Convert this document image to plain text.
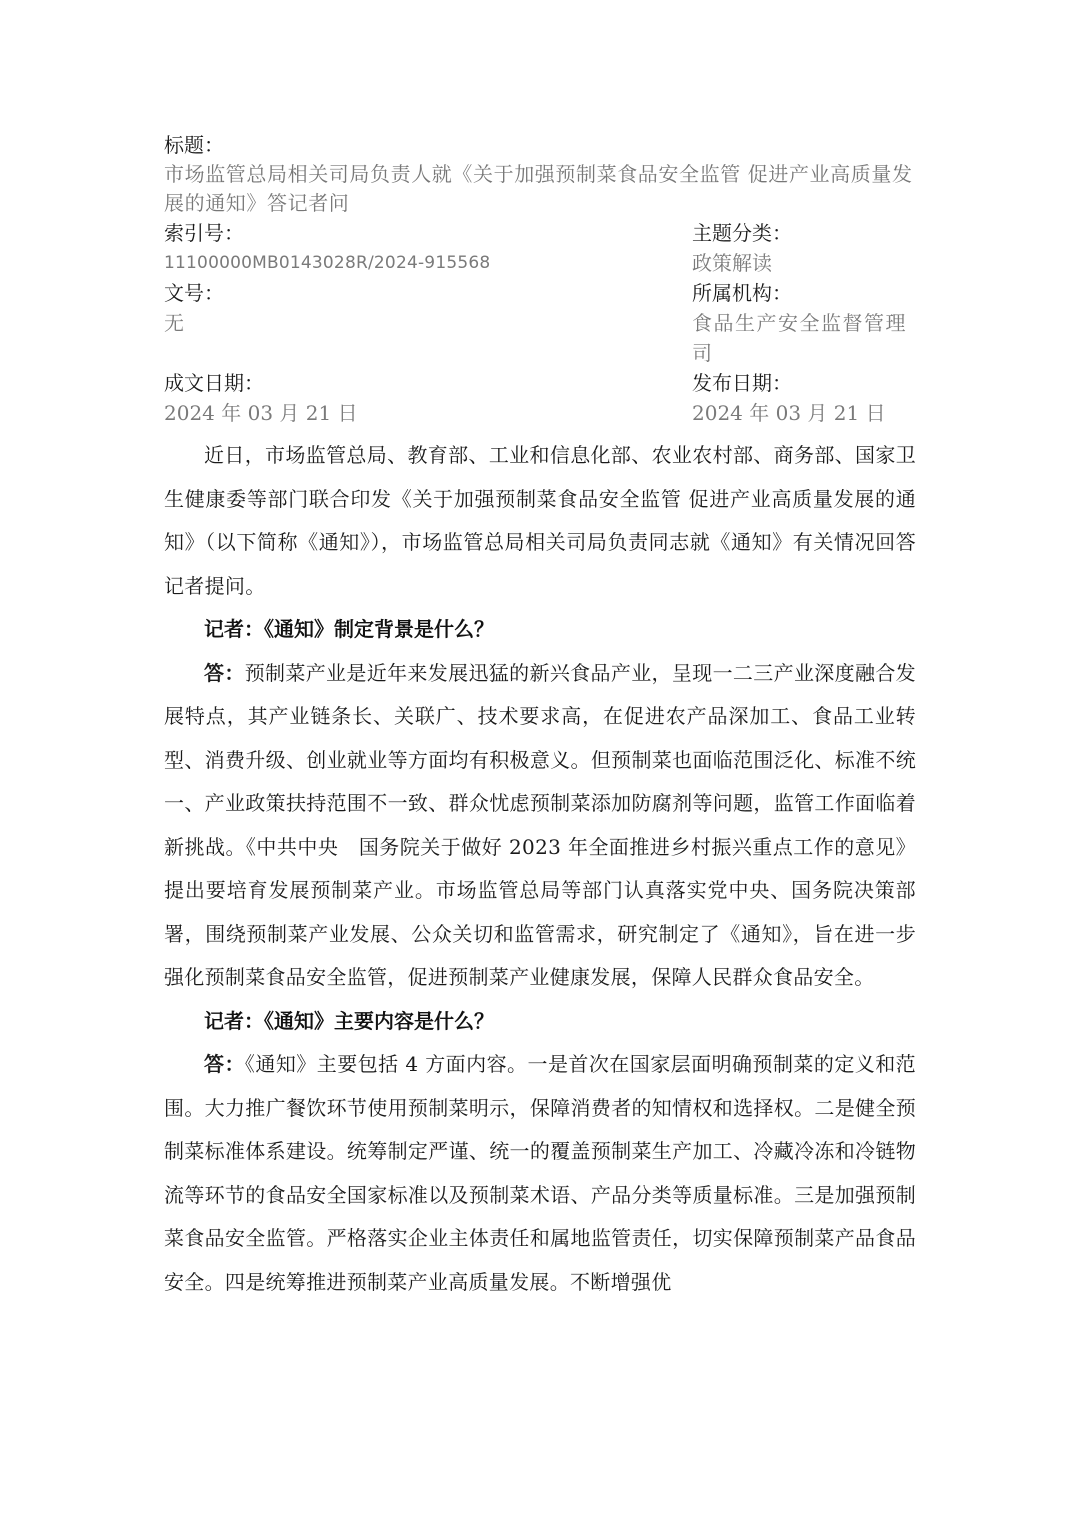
标题：
市场监管总局相关司局负责人就《关于加强预制菜食品安全监管 促进产业高质量发展的通知》答记者问
索引号：
11100000MB0143028R/2024-915568
主题分类：
政策解读
文号：
无
所属机构：
食品生产安全监督管理司
成文日期：
2024 年 03 月 21 日
发布日期：
2024 年 03 月 21 日

近日，市场监管总局、教育部、工业和信息化部、农业农村部、商务部、国家卫生健康委等部门联合印发《关于加强预制菜食品安全监管 促进产业高质量发展的通知》（以下简称《通知》），市场监管总局相关司局负责同志就《通知》有关情况回答记者提问。

记者：《通知》制定背景是什么？

答：预制菜产业是近年来发展迅猛的新兴食品产业，呈现一二三产业深度融合发展特点，其产业链条长、关联广、技术要求高，在促进农产品深加工、食品工业转型、消费升级、创业就业等方面均有积极意义。但预制菜也面临范围泛化、标准不统一、产业政策扶持范围不一致、群众忧虑预制菜添加防腐剂等问题，监管工作面临着新挑战。《中共中央　国务院关于做好 2023 年全面推进乡村振兴重点工作的意见》提出要培育发展预制菜产业。市场监管总局等部门认真落实党中央、国务院决策部署，围绕预制菜产业发展、公众关切和监管需求，研究制定了《通知》，旨在进一步强化预制菜食品安全监管，促进预制菜产业健康发展，保障人民群众食品安全。

记者：《通知》主要内容是什么？

答：《通知》主要包括 4 方面内容。一是首次在国家层面明确预制菜的定义和范围。大力推广餐饮环节使用预制菜明示，保障消费者的知情权和选择权。二是健全预制菜标准体系建设。统筹制定严谨、统一的覆盖预制菜生产加工、冷藏冷冻和冷链物流等环节的食品安全国家标准以及预制菜术语、产品分类等质量标准。三是加强预制菜食品安全监管。严格落实企业主体责任和属地监管责任，切实保障预制菜产品食品安全。四是统筹推进预制菜产业高质量发展。不断增强优
